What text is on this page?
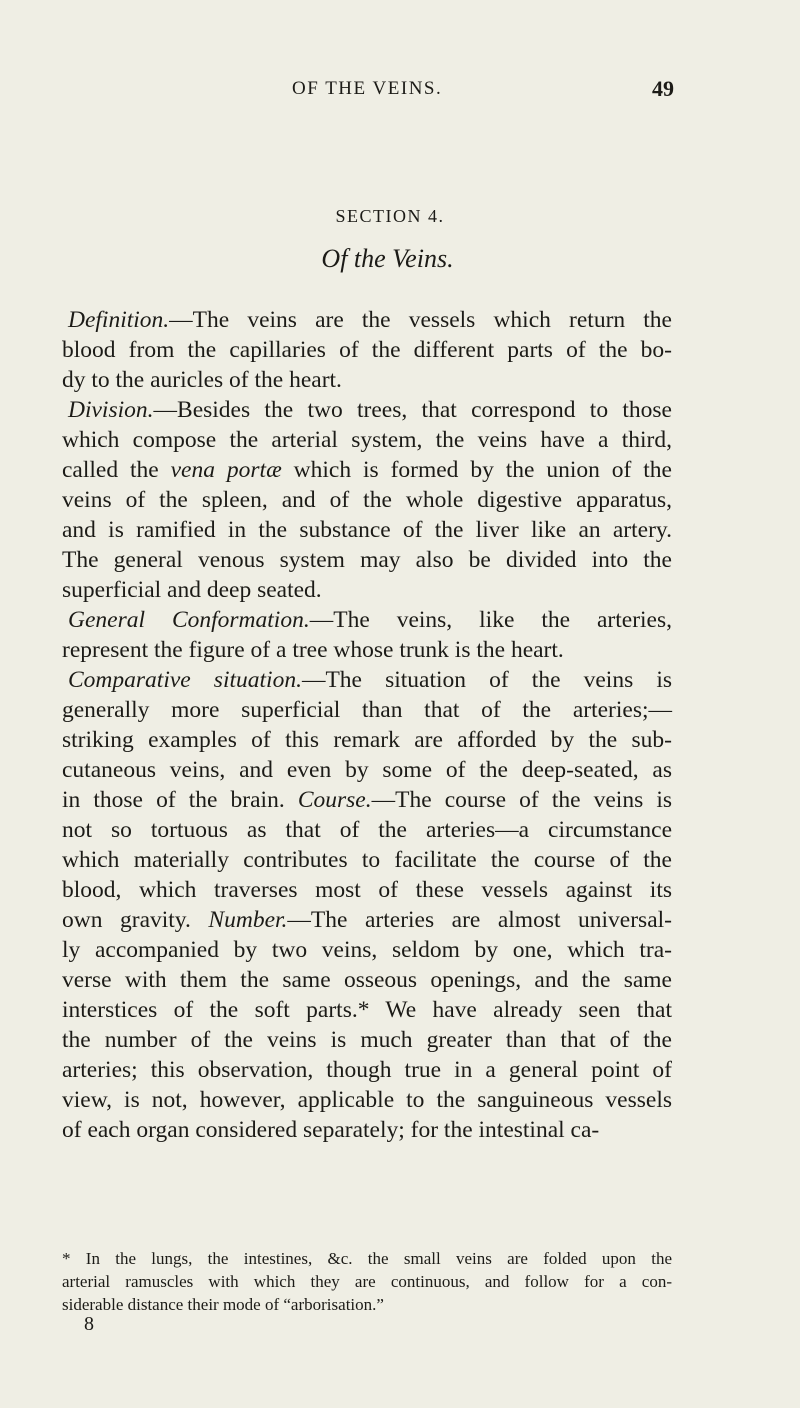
OF THE VEINS.	49
SECTION 4.
Of the Veins.
Definition.—The veins are the vessels which return the
blood from the capillaries of the different parts of the bo-
dy to the auricles of the heart.
Division.—Besides the two trees, that correspond to those
which compose the arterial system, the veins have a third,
called the vena portæ which is formed by the union of the
veins of the spleen, and of the whole digestive apparatus,
and is ramified in the substance of the liver like an artery.
The general venous system may also be divided into the
superficial and deep seated.
General Conformation.—The veins, like the arteries,
represent the figure of a tree whose trunk is the heart.
Comparative situation.—The situation of the veins is
generally more superficial than that of the arteries;—
striking examples of this remark are afforded by the sub-
cutaneous veins, and even by some of the deep-seated, as
in those of the brain. Course.—The course of the veins is
not so tortuous as that of the arteries—a circumstance
which materially contributes to facilitate the course of the
blood, which traverses most of these vessels against its
own gravity. Number.—The arteries are almost universal-
ly accompanied by two veins, seldom by one, which tra-
verse with them the same osseous openings, and the same
interstices of the soft parts.* We have already seen that
the number of the veins is much greater than that of the
arteries; this observation, though true in a general point of
view, is not, however, applicable to the sanguineous vessels
of each organ considered separately; for the intestinal ca-
* In the lungs, the intestines, &c. the small veins are folded upon the
arterial ramuscles with which they are continuous, and follow for a con-
siderable distance their mode of “arborisation.”
8
